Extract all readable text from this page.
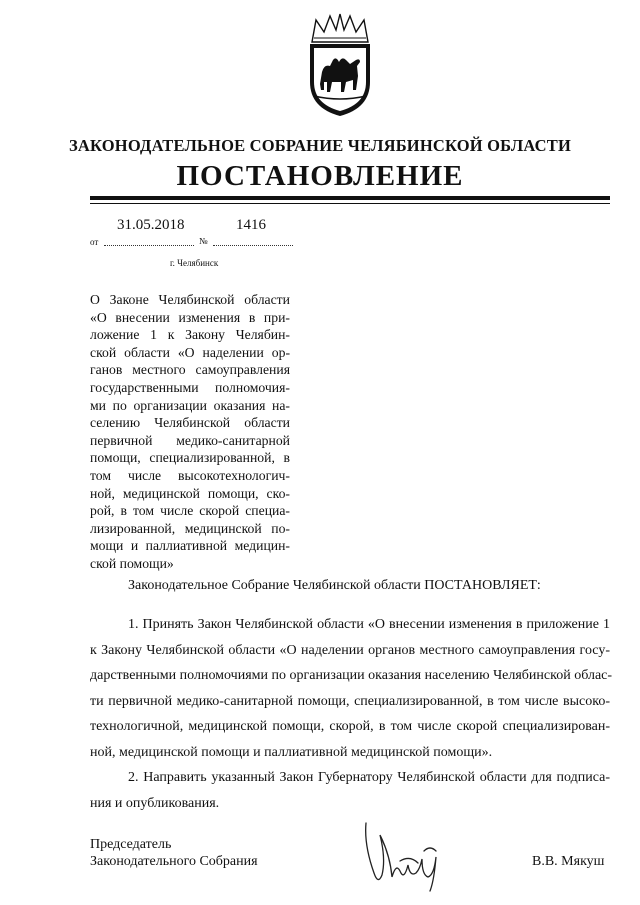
ЗАКОНОДАТЕЛЬНОЕ СОБРАНИЕ ЧЕЛЯБИНСКОЙ ОБЛАСТИ
ПОСТАНОВЛЕНИЕ
31.05.2018	1416
от	№
г. Челябинск
О Законе Челябинской области
«О внесении изменения в при-
ложение 1 к Закону Челябин-
ской области «О наделении ор-
ганов местного самоуправления
государственными полномочия-
ми по организации оказания на-
селению Челябинской области
первичной медико-санитарной
помощи, специализированной, в
том числе высокотехнологич-
ной, медицинской помощи, ско-
рой, в том числе скорой специа-
лизированной, медицинской по-
мощи и паллиативной медицин-
ской помощи»
Законодательное Собрание Челябинской области ПОСТАНОВЛЯЕТ:
1. Принять Закон Челябинской области «О внесении изменения в приложение 1
к Закону Челябинской области «О наделении органов местного самоуправления госу-
дарственными полномочиями по организации оказания населению Челябинской облас-
ти первичной медико-санитарной помощи, специализированной, в том числе высоко-
технологичной, медицинской помощи, скорой, в том числе скорой специализирован-
ной, медицинской помощи и паллиативной медицинской помощи».
2. Направить указанный Закон Губернатору Челябинской области для подписа-
ния и опубликования.
Председатель
Законодательного Собрания	В.В. Мякуш
